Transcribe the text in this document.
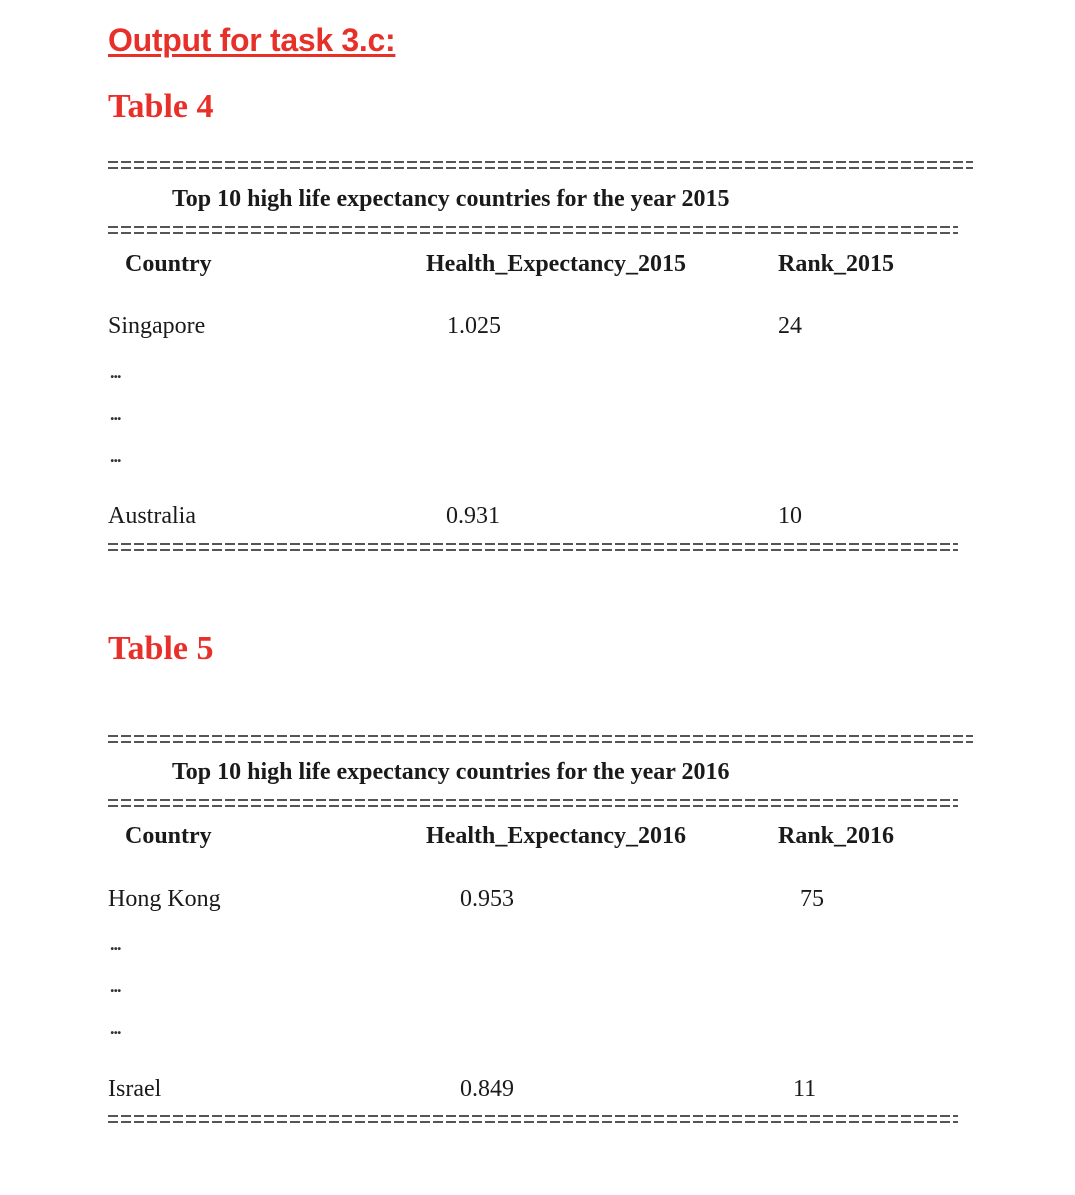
Output for task 3.c:
Table 4
Top 10 high life expectancy countries for the year 2015
Country	Health_Expectancy_2015	Rank_2015
Singapore	1.025	24
...
...
...
Australia	0.931	10
Table 5
Top 10 high life expectancy countries for the year 2016
Country	Health_Expectancy_2016	Rank_2016
Hong Kong	0.953	75
...
...
...
Israel	0.849	11
